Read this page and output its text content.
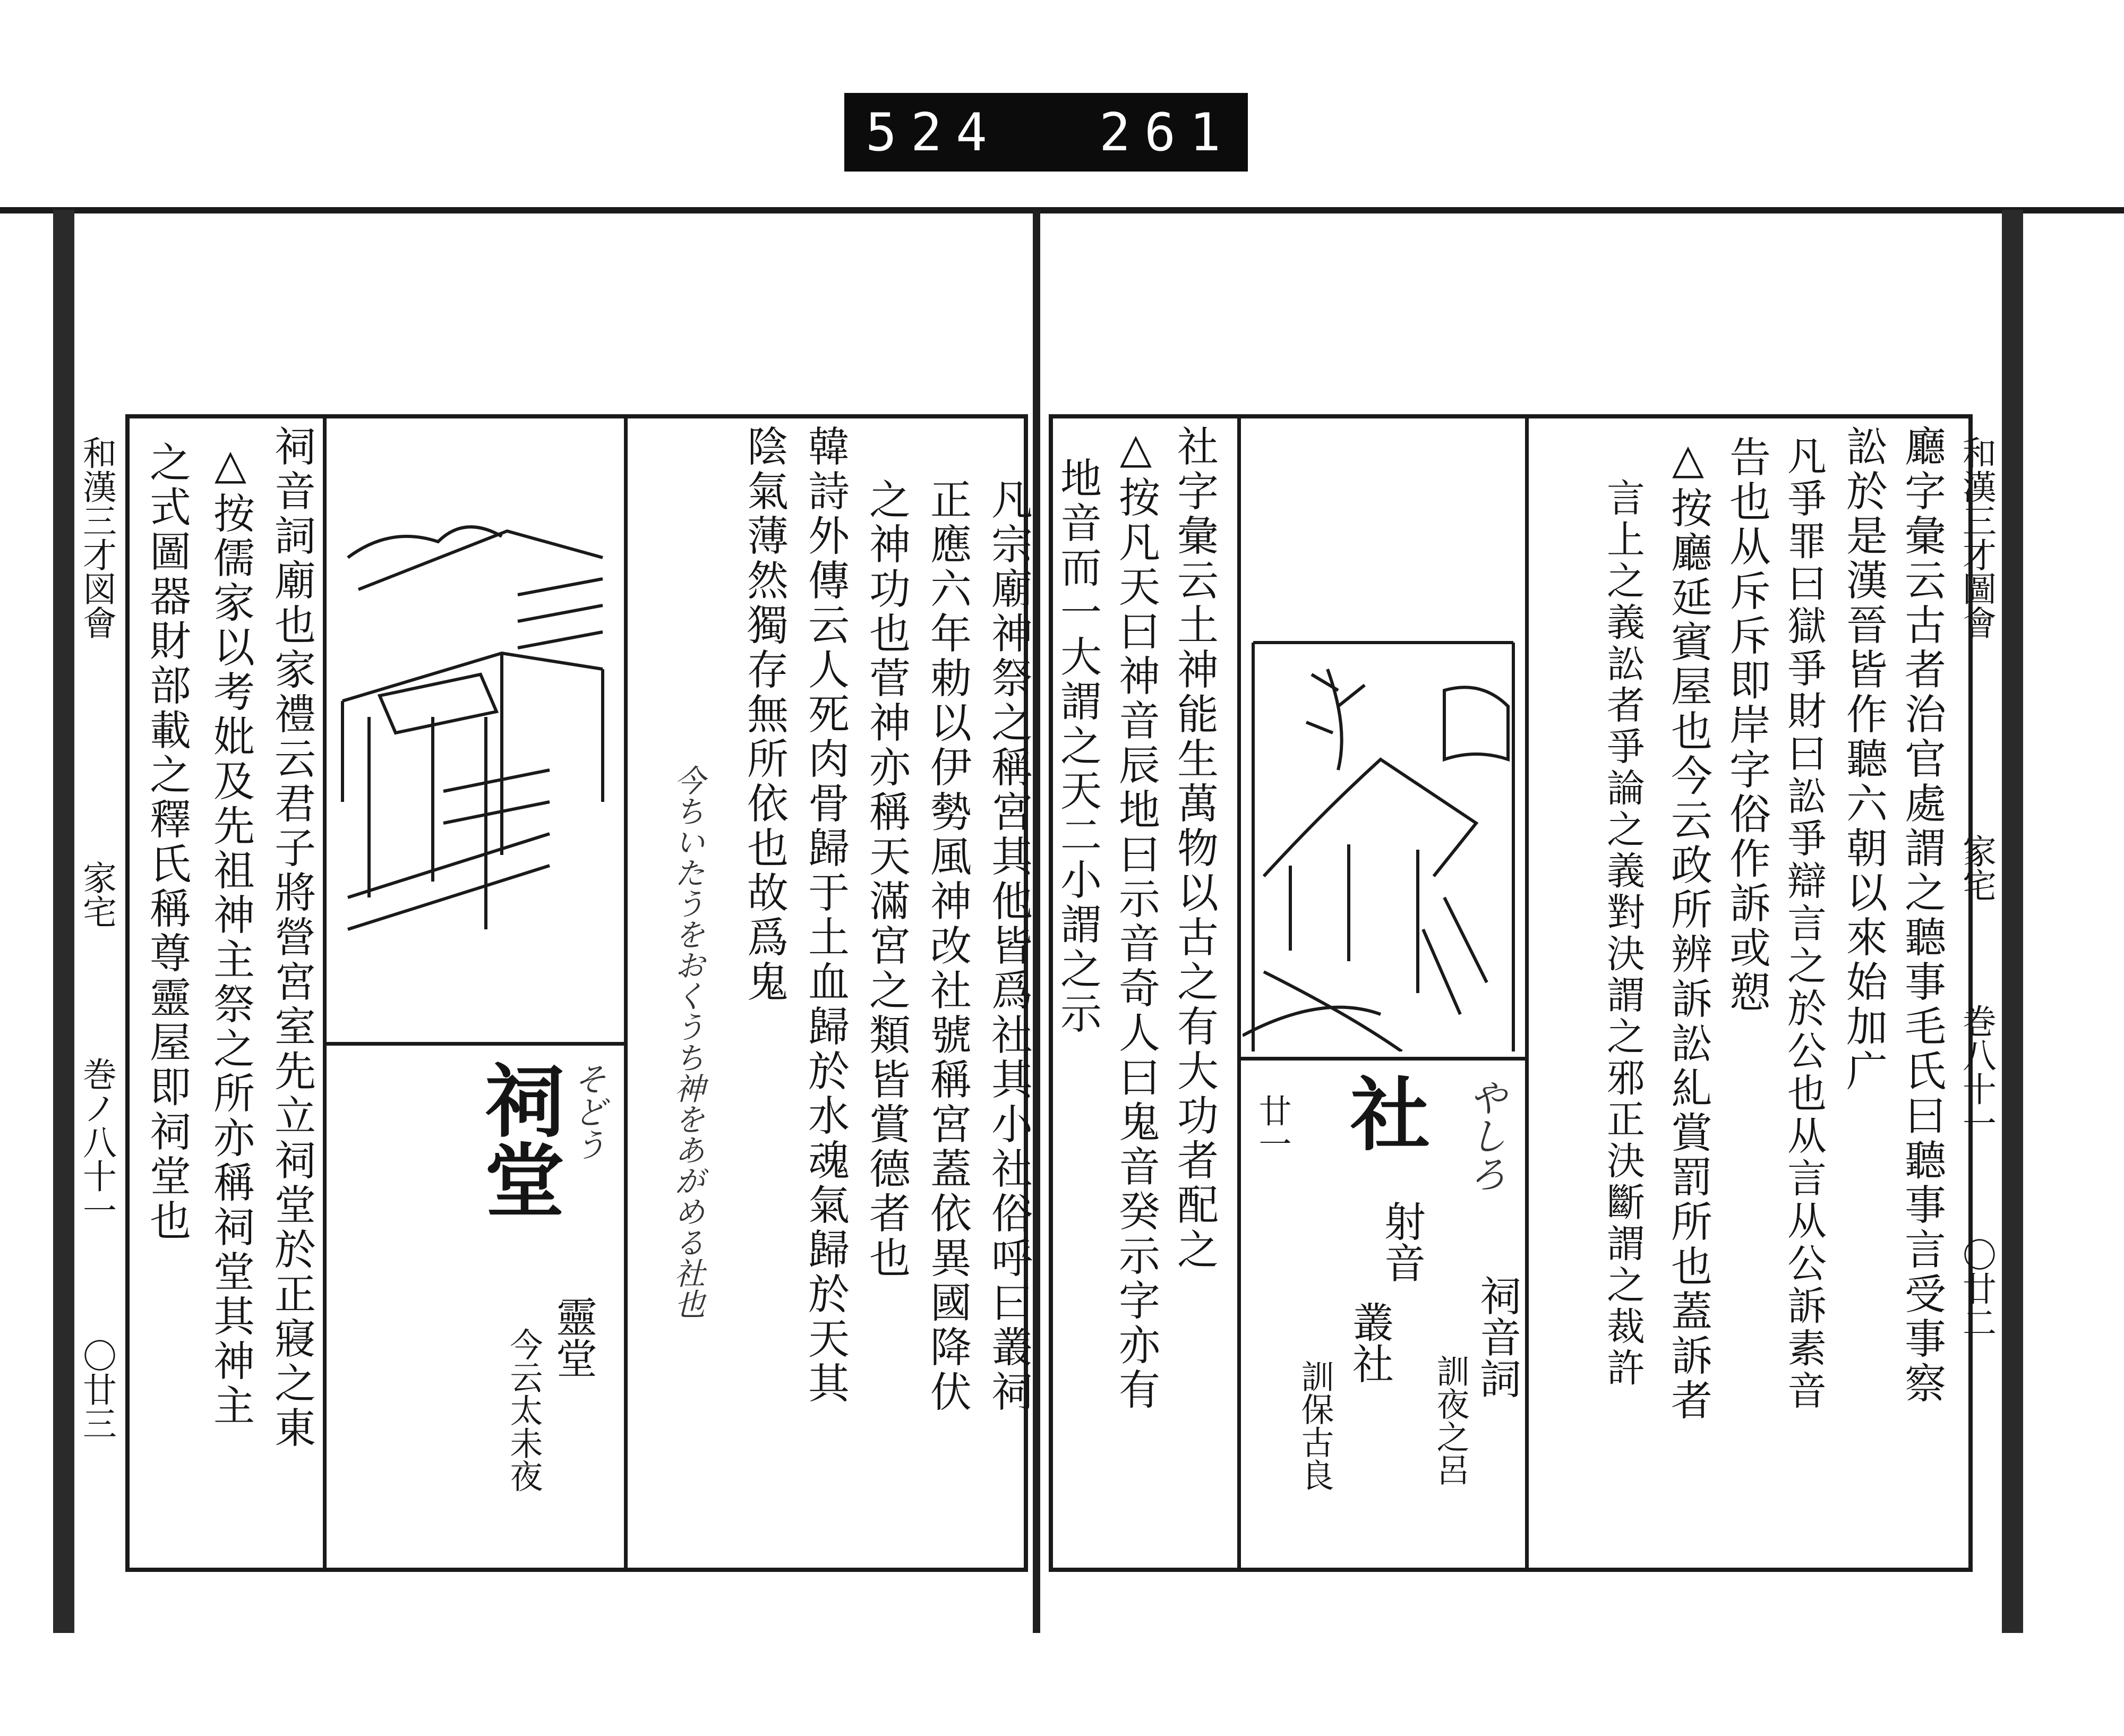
524 261
和漢三才図會
家宅
巻ノ八十一
〇廿三	祠音詞廟也家禮云君子將營宮室先立祠堂於正寢之東
△按儒家以考妣及先祖神主祭之所亦稱祠堂其神主
之式圖器財部載之釋氏稱尊靈屋即祠堂也	祠堂 そどう
靈堂
今云太未夜	凡宗廟神祭之稱宮其他皆爲社其小社俗呼曰叢祠
正應六年勅以伊勢風神改社號稱宮蓋依異國降伏
之神功也菅神亦稱天滿宮之類皆賞德者也
韓詩外傳云人死肉骨歸于土血歸於水魂氣歸於天其
陰氣薄然獨存無所依也故爲鬼
今ちいたうをおくうち神をあがめる社也	社 やしろ
射音
叢社
訓保古良
祠音詞
訓夜之呂
廿一
社字彙云土神能生萬物以古之有大功者配之
△按凡天曰神音辰地曰示音奇人曰鬼音癸示字亦有
地音而一大謂之天二小謂之示	廳字彙云古者治官處謂之聽事毛氏曰聽事言受事察
訟於是漢晉皆作聽六朝以來始加广
凡爭罪曰獄爭財曰訟爭辯言之於公也从言从公訴素音
告也从斥斥即岸字俗作訴或愬
△按廳延賓屋也今云政所辨訴訟糺賞罰所也蓋訴者
言上之義訟者爭論之義對決謂之邪正決斷謂之裁許	和漢三才圖會
家宅
巻八十一
〇廿二
